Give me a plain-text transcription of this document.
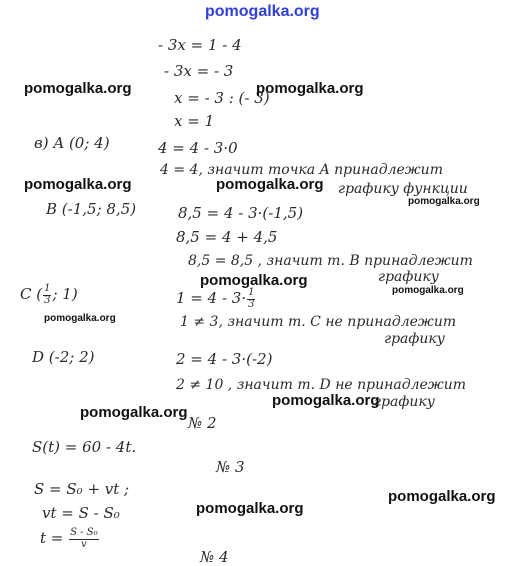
pomogalka.org
- 3x = 1 - 4
- 3x = - 3
x = - 3 : (- 3)
x = 1
в) A (0; 4)	4 = 4 - 3·0
4 = 4, значит точка A принадлежит
графику функции
B (-1,5; 8,5)	8,5 = 4 - 3·(-1,5)
8,5 = 4 + 4,5
8,5 = 8,5 , значит т. B принадлежит
графику
C ( $\frac{1}{3}$ ; 1)	$1 = 4 - 3\cdot \frac{1}{3}$
1 ≠ 3, значит т. C не принадлежит
графику
D (-2; 2)	2 = 4 - 3·(-2)
2 ≠ 10 , значит т. D не принадлежит
графику
№ 2
S(t) = 60 - 4t.
№ 3
S = S₀ + vt ;
vt = S - S₀
$t = \frac{\text{S - S₀}}{v}$
№ 4
pomogalka.org	pomogalka.org
pomogalka.org	pomogalka.org
pomogalka.org
pomogalka.org
pomogalka.org
pomogalka.org
pomogalka.org
pomogalka.org
pomogalka.org
pomogalka.org
